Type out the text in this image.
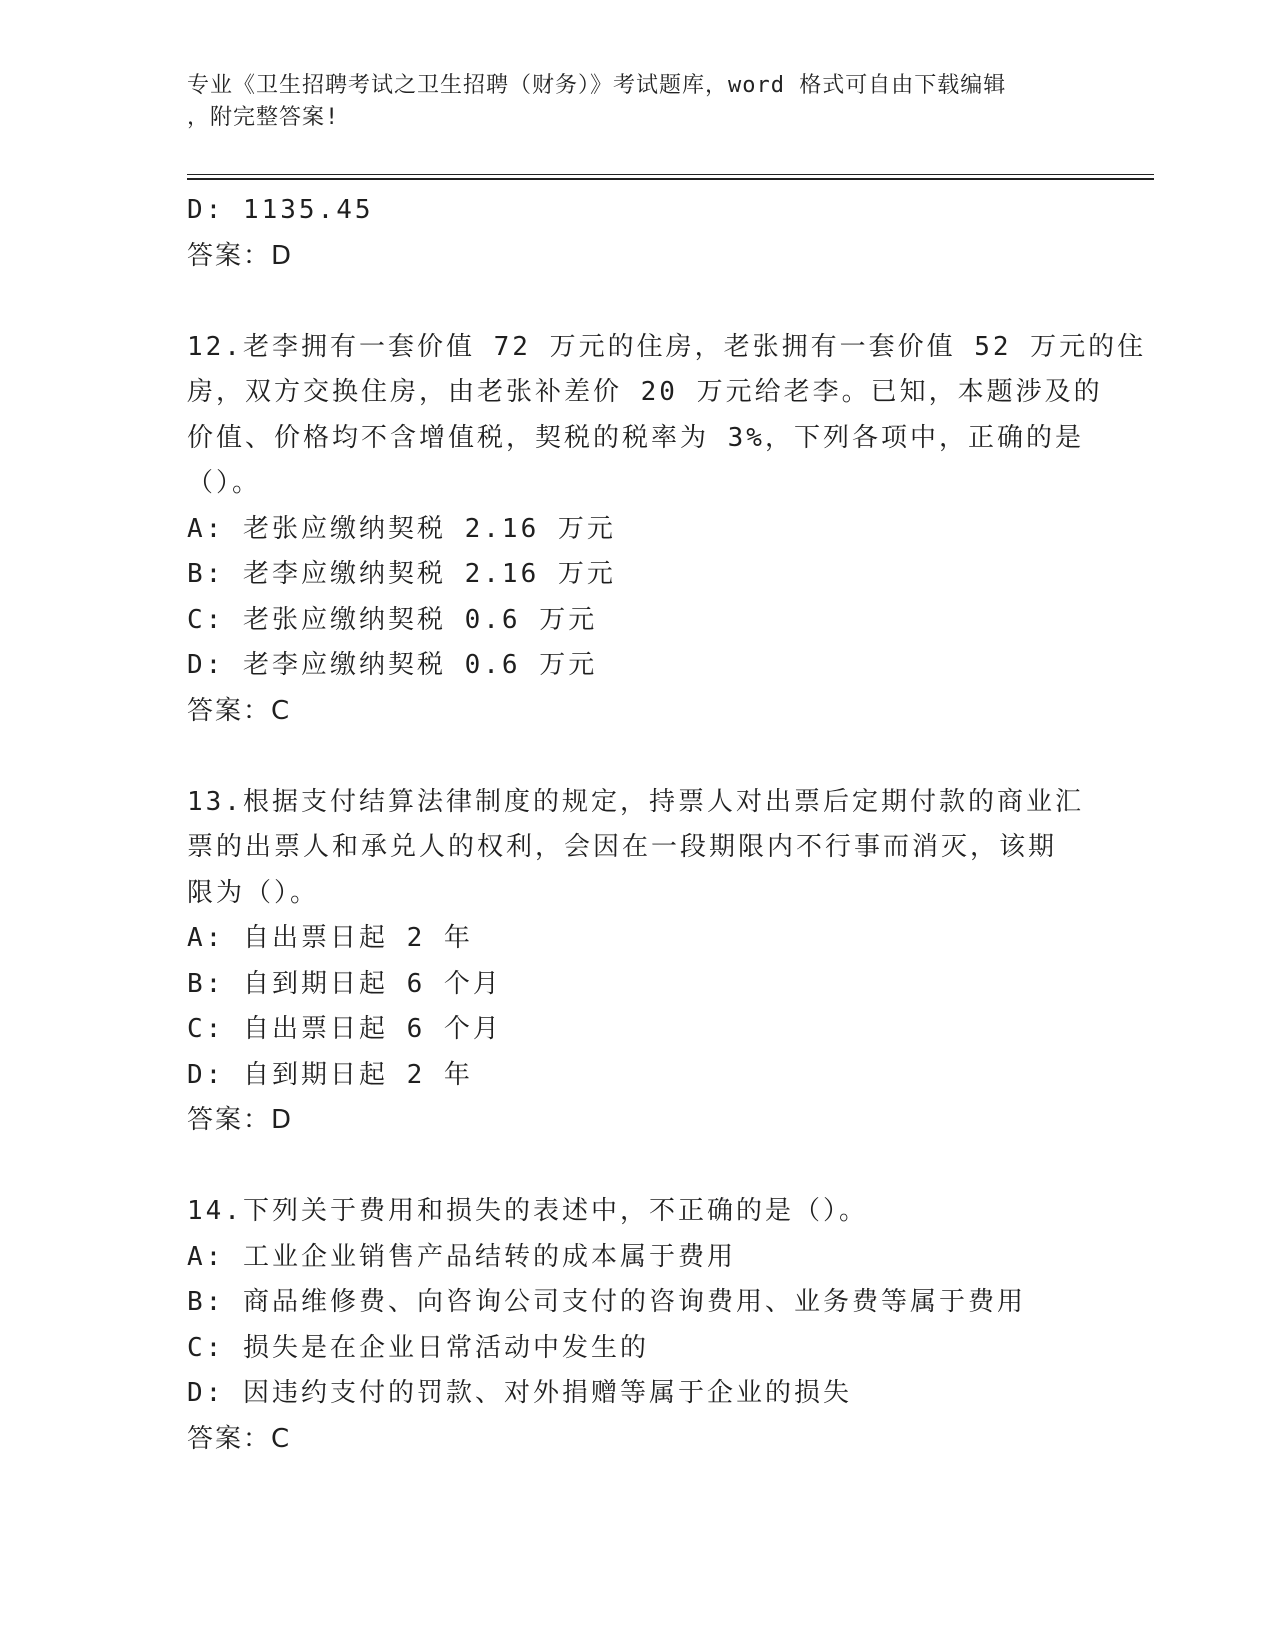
专业《卫生招聘考试之卫生招聘（财务）》考试题库，word 格式可自由下载编辑
，附完整答案!
D: 1135.45
答案：D
12.老李拥有一套价值 72 万元的住房，老张拥有一套价值 52 万元的住
房，双方交换住房，由老张补差价 20 万元给老李。已知，本题涉及的
价值、价格均不含增值税，契税的税率为 3%，下列各项中，正确的是
（）。
A: 老张应缴纳契税 2.16 万元
B: 老李应缴纳契税 2.16 万元
C: 老张应缴纳契税 0.6 万元
D: 老李应缴纳契税 0.6 万元
答案：C
13.根据支付结算法律制度的规定，持票人对出票后定期付款的商业汇
票的出票人和承兑人的权利，会因在一段期限内不行事而消灭，该期
限为（）。
A: 自出票日起 2 年
B: 自到期日起 6 个月
C: 自出票日起 6 个月
D: 自到期日起 2 年
答案：D
14.下列关于费用和损失的表述中，不正确的是（）。
A: 工业企业销售产品结转的成本属于费用
B: 商品维修费、向咨询公司支付的咨询费用、业务费等属于费用
C: 损失是在企业日常活动中发生的
D: 因违约支付的罚款、对外捐赠等属于企业的损失
答案：C
